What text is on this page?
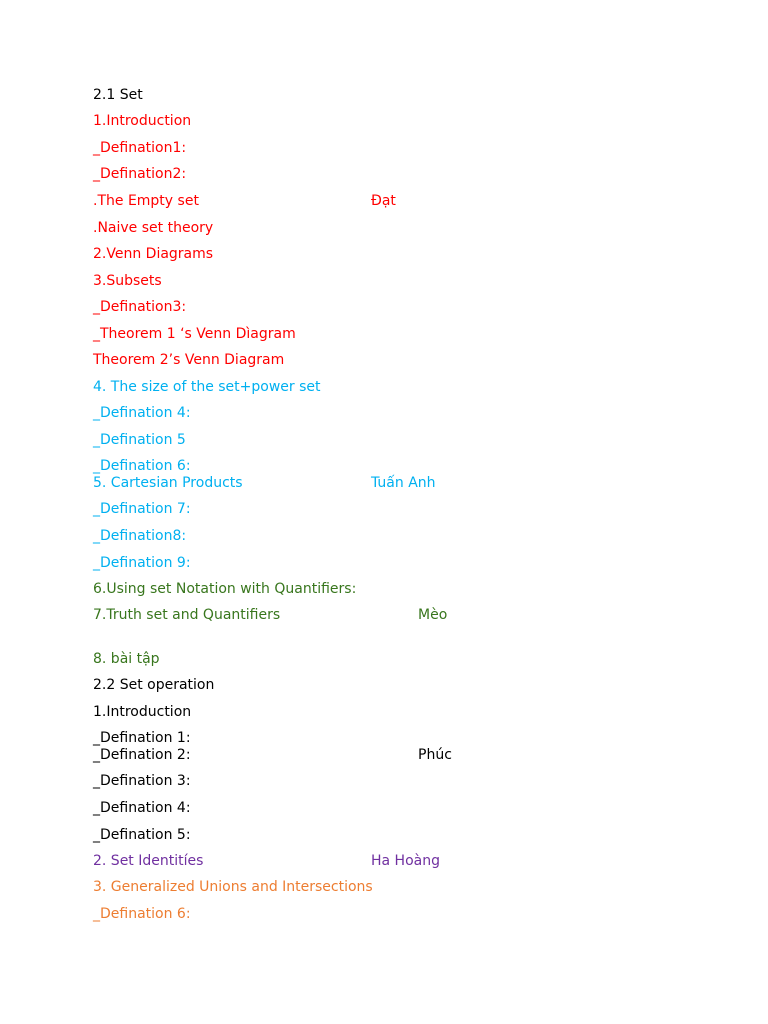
2.1 Set
1.Introduction
_Defination1:
_Defination2:
.The Empty set	Đạt
.Naive set theory
2.Venn Diagrams
3.Subsets
_Defination3:
_Theorem 1 ‘s Venn Dìagram
Theorem 2’s Venn Diagram
4. The size of the set+power set
_Defination 4:
_Defination 5
_Defination 6:
5. Cartesian Products	Tuấn Anh
_Defination 7:
_Defination8:
_Defination 9:
6.Using set Notation with Quantifiers:
7.Truth set and Quantifiers	Mèo
8. bài tập
2.2 Set operation
1.Introduction
_Defination 1:
_Defination 2:	Phúc
_Defination 3:
_Defination 4:
_Defination 5:
2. Set Identitíes	Ha Hoàng
3. Generalized Unions and Intersections
_Defination 6:
